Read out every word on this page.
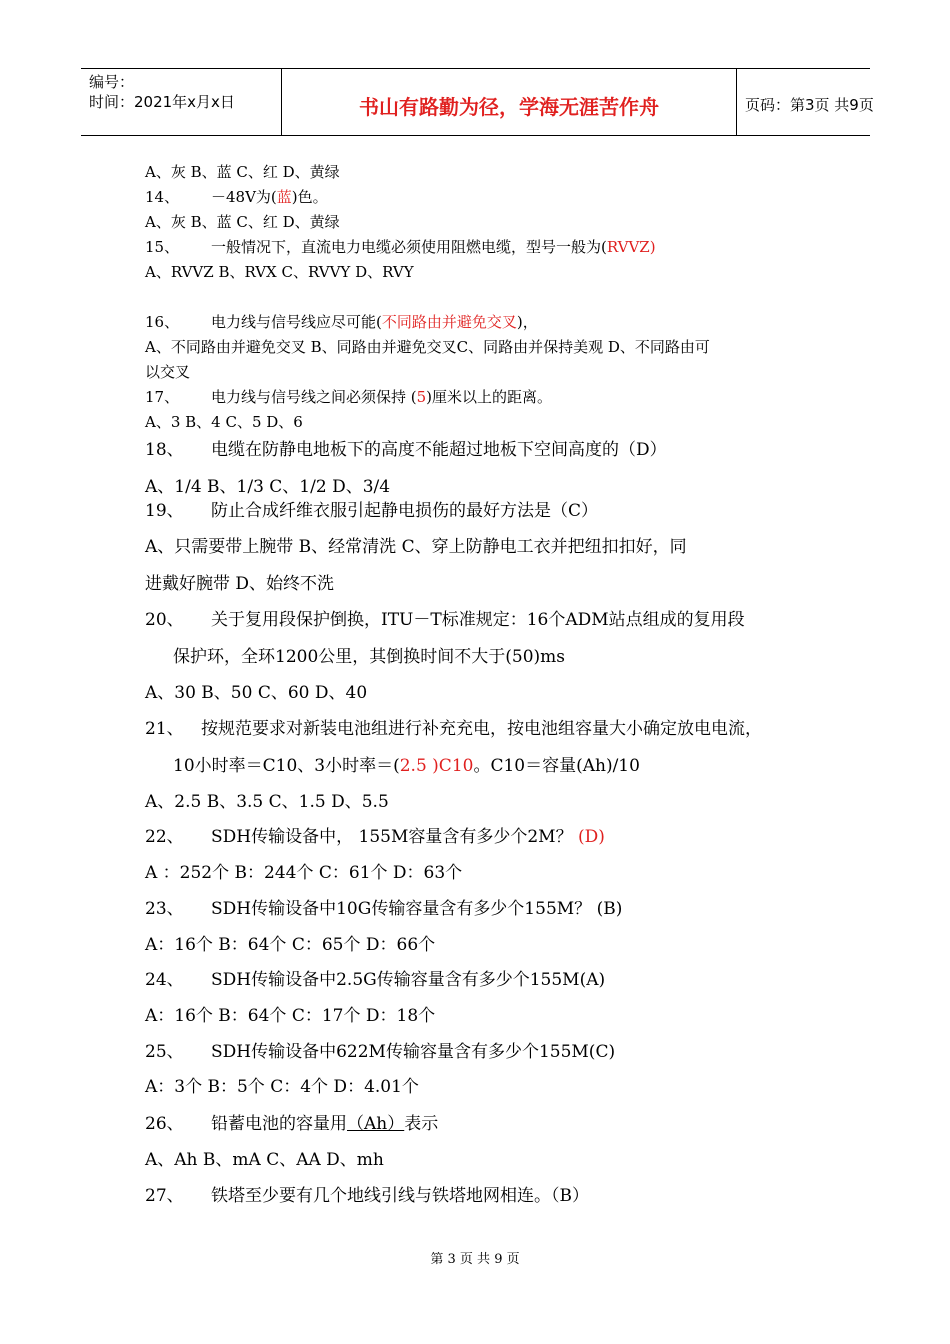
编号：
时间：2021年x月x日	书山有路勤为径，学海无涯苦作舟	页码：第3页 共9页
A、灰 B、蓝 C、红 D、黄绿
14、 －48V为(蓝)色。
A、灰 B、蓝 C、红 D、黄绿
15、 一般情况下，直流电力电缆必须使用阻燃电缆，型号一般为(RVVZ)
A、RVVZ B、RVX C、RVVY D、RVY
16、 电力线与信号线应尽可能(不同路由并避免交叉)，
A、不同路由并避免交叉 B、同路由并避免交叉C、同路由并保持美观 D、不同路由可
以交叉
17、 电力线与信号线之间必须保持 (5)厘米以上的距离。
A、3 B、4 C、5 D、6
18、 电缆在防静电地板下的高度不能超过地板下空间高度的（D）
A、1/4 B、1/3 C、1/2 D、3/4
19、 防止合成纤维衣服引起静电损伤的最好方法是（C）
A、只需要带上腕带 B、经常清洗 C、穿上防静电工衣并把纽扣扣好，同
进戴好腕带 D、始终不洗
20、 关于复用段保护倒换，ITU－T标准规定：16个ADM站点组成的复用段
保护环，全环1200公里，其倒换时间不大于(50)ms
A、30 B、50 C、60 D、40
21、 按规范要求对新装电池组进行补充充电，按电池组容量大小确定放电电流，
10小时率＝C10、3小时率＝(2.5 )C10。C10＝容量(Ah)/10
A、2.5 B、3.5 C、1.5 D、5.5
22、 SDH传输设备中， 155M容量含有多少个2M？ (D)
A ：252个 B：244个 C：61个 D：63个
23、 SDH传输设备中10G传输容量含有多少个155M？ (B)
A：16个 B：64个 C：65个 D：66个
24、 SDH传输设备中2.5G传输容量含有多少个155M(A)
A：16个 B：64个 C：17个 D：18个
25、 SDH传输设备中622M传输容量含有多少个155M(C)
A：3个 B：5个 C：4个 D：4.01个
26、 铅蓄电池的容量用（Ah）表示
A、Ah B、mA C、AA D、mh
27、 铁塔至少要有几个地线引线与铁塔地网相连。（B）
第 3 页 共 9 页
